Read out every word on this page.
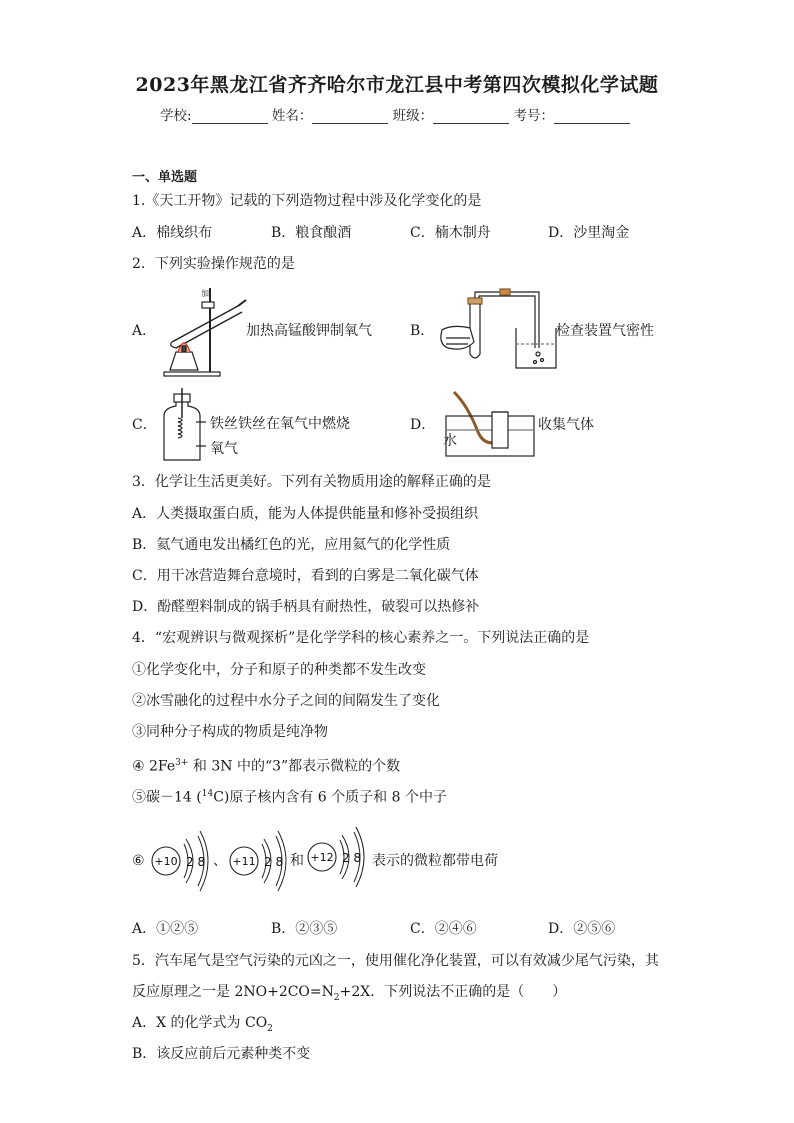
2023年黑龙江省齐齐哈尔市龙江县中考第四次模拟化学试题
学校:	姓名：	班级：	考号：
一、单选题
1.《天工开物》记载的下列造物过程中涉及化学变化的是
A．棉线织布	B．粮食酿酒	C．楠木制舟	D．沙里淘金
2．下列实验操作规范的是
A．
加
加热高锰酸钾制氧气	B．	检查装置气密性
C．	铁丝铁丝在氧气中燃烧
氧气
D．
水
收集气体
3．化学让生活更美好。下列有关物质用途的解释正确的是
A．人类摄取蛋白质，能为人体提供能量和修补受损组织
B．氦气通电发出橘红色的光，应用氦气的化学性质
C．用干冰营造舞台意境时，看到的白雾是二氧化碳气体
D．酚醛塑料制成的锅手柄具有耐热性，破裂可以热修补
4．“宏观辨识与微观探析”是化学学科的核心素养之一。下列说法正确的是
①化学变化中，分子和原子的种类都不发生改变
②冰雪融化的过程中水分子之间的间隔发生了变化
③同种分子构成的物质是纯净物
④ $2Fe^{3+}$ 和 3N 中的“3”都表示微粒的个数
⑤碳－14 ($^{14}$C)原子核内含有 6 个质子和 8 个中子
⑥ +10 2 8 、 +11 2 8 和 +12 2 8 表示的微粒都带电荷
A．①②⑤	B．②③⑤	C．②④⑥	D．②⑤⑥
5．汽车尾气是空气污染的元凶之一，使用催化净化装置，可以有效减少尾气污染，其
反应原理之一是 $2NO+2CO=N_2+2X$．下列说法不正确的是（　　）
A．X 的化学式为 $CO_2$
B．该反应前后元素种类不变
